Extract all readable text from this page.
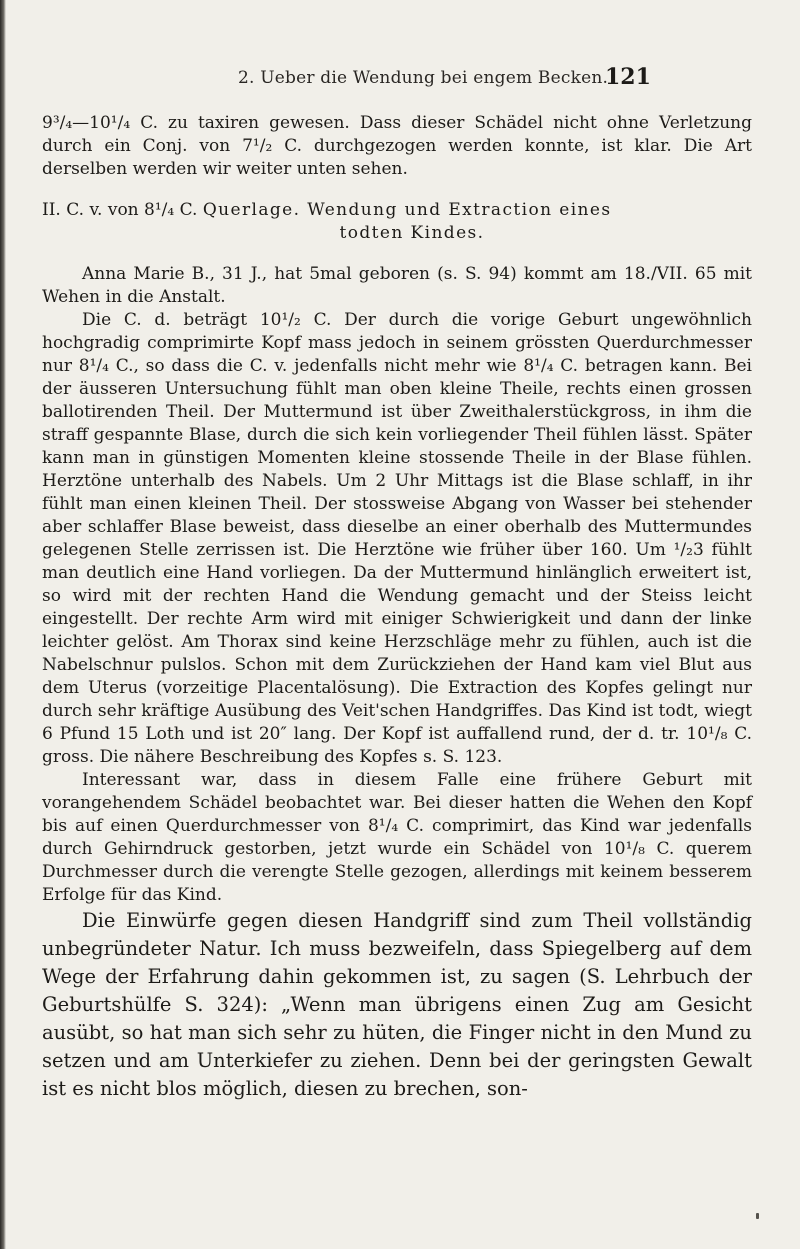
2. Ueber die Wendung bei engem Becken.
121

9³/₄—10¹/₄ C. zu taxiren gewesen. Dass dieser Schädel nicht ohne Verletzung durch ein Conj. von 7¹/₂ C. durchgezogen werden konnte, ist klar. Die Art derselben werden wir weiter unten sehen.

II. C. v. von 8¹/₄ C. Querlage. Wendung und Extraction eines
todten Kindes.

Anna Marie B., 31 J., hat 5mal geboren (s. S. 94) kommt am 18./VII. 65 mit Wehen in die Anstalt.

Die C. d. beträgt 10¹/₂ C. Der durch die vorige Geburt ungewöhnlich hochgradig comprimirte Kopf mass jedoch in seinem grössten Querdurchmesser nur 8¹/₄ C., so dass die C. v. jedenfalls nicht mehr wie 8¹/₄ C. betragen kann. Bei der äusseren Untersuchung fühlt man oben kleine Theile, rechts einen grossen ballotirenden Theil. Der Muttermund ist über Zweithalerstückgross, in ihm die straff gespannte Blase, durch die sich kein vorliegender Theil fühlen lässt. Später kann man in günstigen Momenten kleine stossende Theile in der Blase fühlen. Herztöne unterhalb des Nabels. Um 2 Uhr Mittags ist die Blase schlaff, in ihr fühlt man einen kleinen Theil. Der stossweise Abgang von Wasser bei stehender aber schlaffer Blase beweist, dass dieselbe an einer oberhalb des Muttermundes gelegenen Stelle zerrissen ist. Die Herztöne wie früher über 160. Um ¹/₂3 fühlt man deutlich eine Hand vorliegen. Da der Muttermund hinlänglich erweitert ist, so wird mit der rechten Hand die Wendung gemacht und der Steiss leicht eingestellt. Der rechte Arm wird mit einiger Schwierigkeit und dann der linke leichter gelöst. Am Thorax sind keine Herzschläge mehr zu fühlen, auch ist die Nabelschnur pulslos. Schon mit dem Zurückziehen der Hand kam viel Blut aus dem Uterus (vorzeitige Placentalösung). Die Extraction des Kopfes gelingt nur durch sehr kräftige Ausübung des Veit'schen Handgriffes. Das Kind ist todt, wiegt 6 Pfund 15 Loth und ist 20″ lang. Der Kopf ist auffallend rund, der d. tr. 10¹/₈ C. gross. Die nähere Beschreibung des Kopfes s. S. 123.

Interessant war, dass in diesem Falle eine frühere Geburt mit vorangehendem Schädel beobachtet war. Bei dieser hatten die Wehen den Kopf bis auf einen Querdurchmesser von 8¹/₄ C. comprimirt, das Kind war jedenfalls durch Gehirndruck gestorben, jetzt wurde ein Schädel von 10¹/₈ C. querem Durchmesser durch die verengte Stelle gezogen, allerdings mit keinem besserem Erfolge für das Kind.

Die Einwürfe gegen diesen Handgriff sind zum Theil vollständig unbegründeter Natur. Ich muss bezweifeln, dass Spiegelberg auf dem Wege der Erfahrung dahin gekommen ist, zu sagen (S. Lehrbuch der Geburtshülfe S. 324): „Wenn man übrigens einen Zug am Gesicht ausübt, so hat man sich sehr zu hüten, die Finger nicht in den Mund zu setzen und am Unterkiefer zu ziehen. Denn bei der geringsten Gewalt ist es nicht blos möglich, diesen zu brechen, son-
